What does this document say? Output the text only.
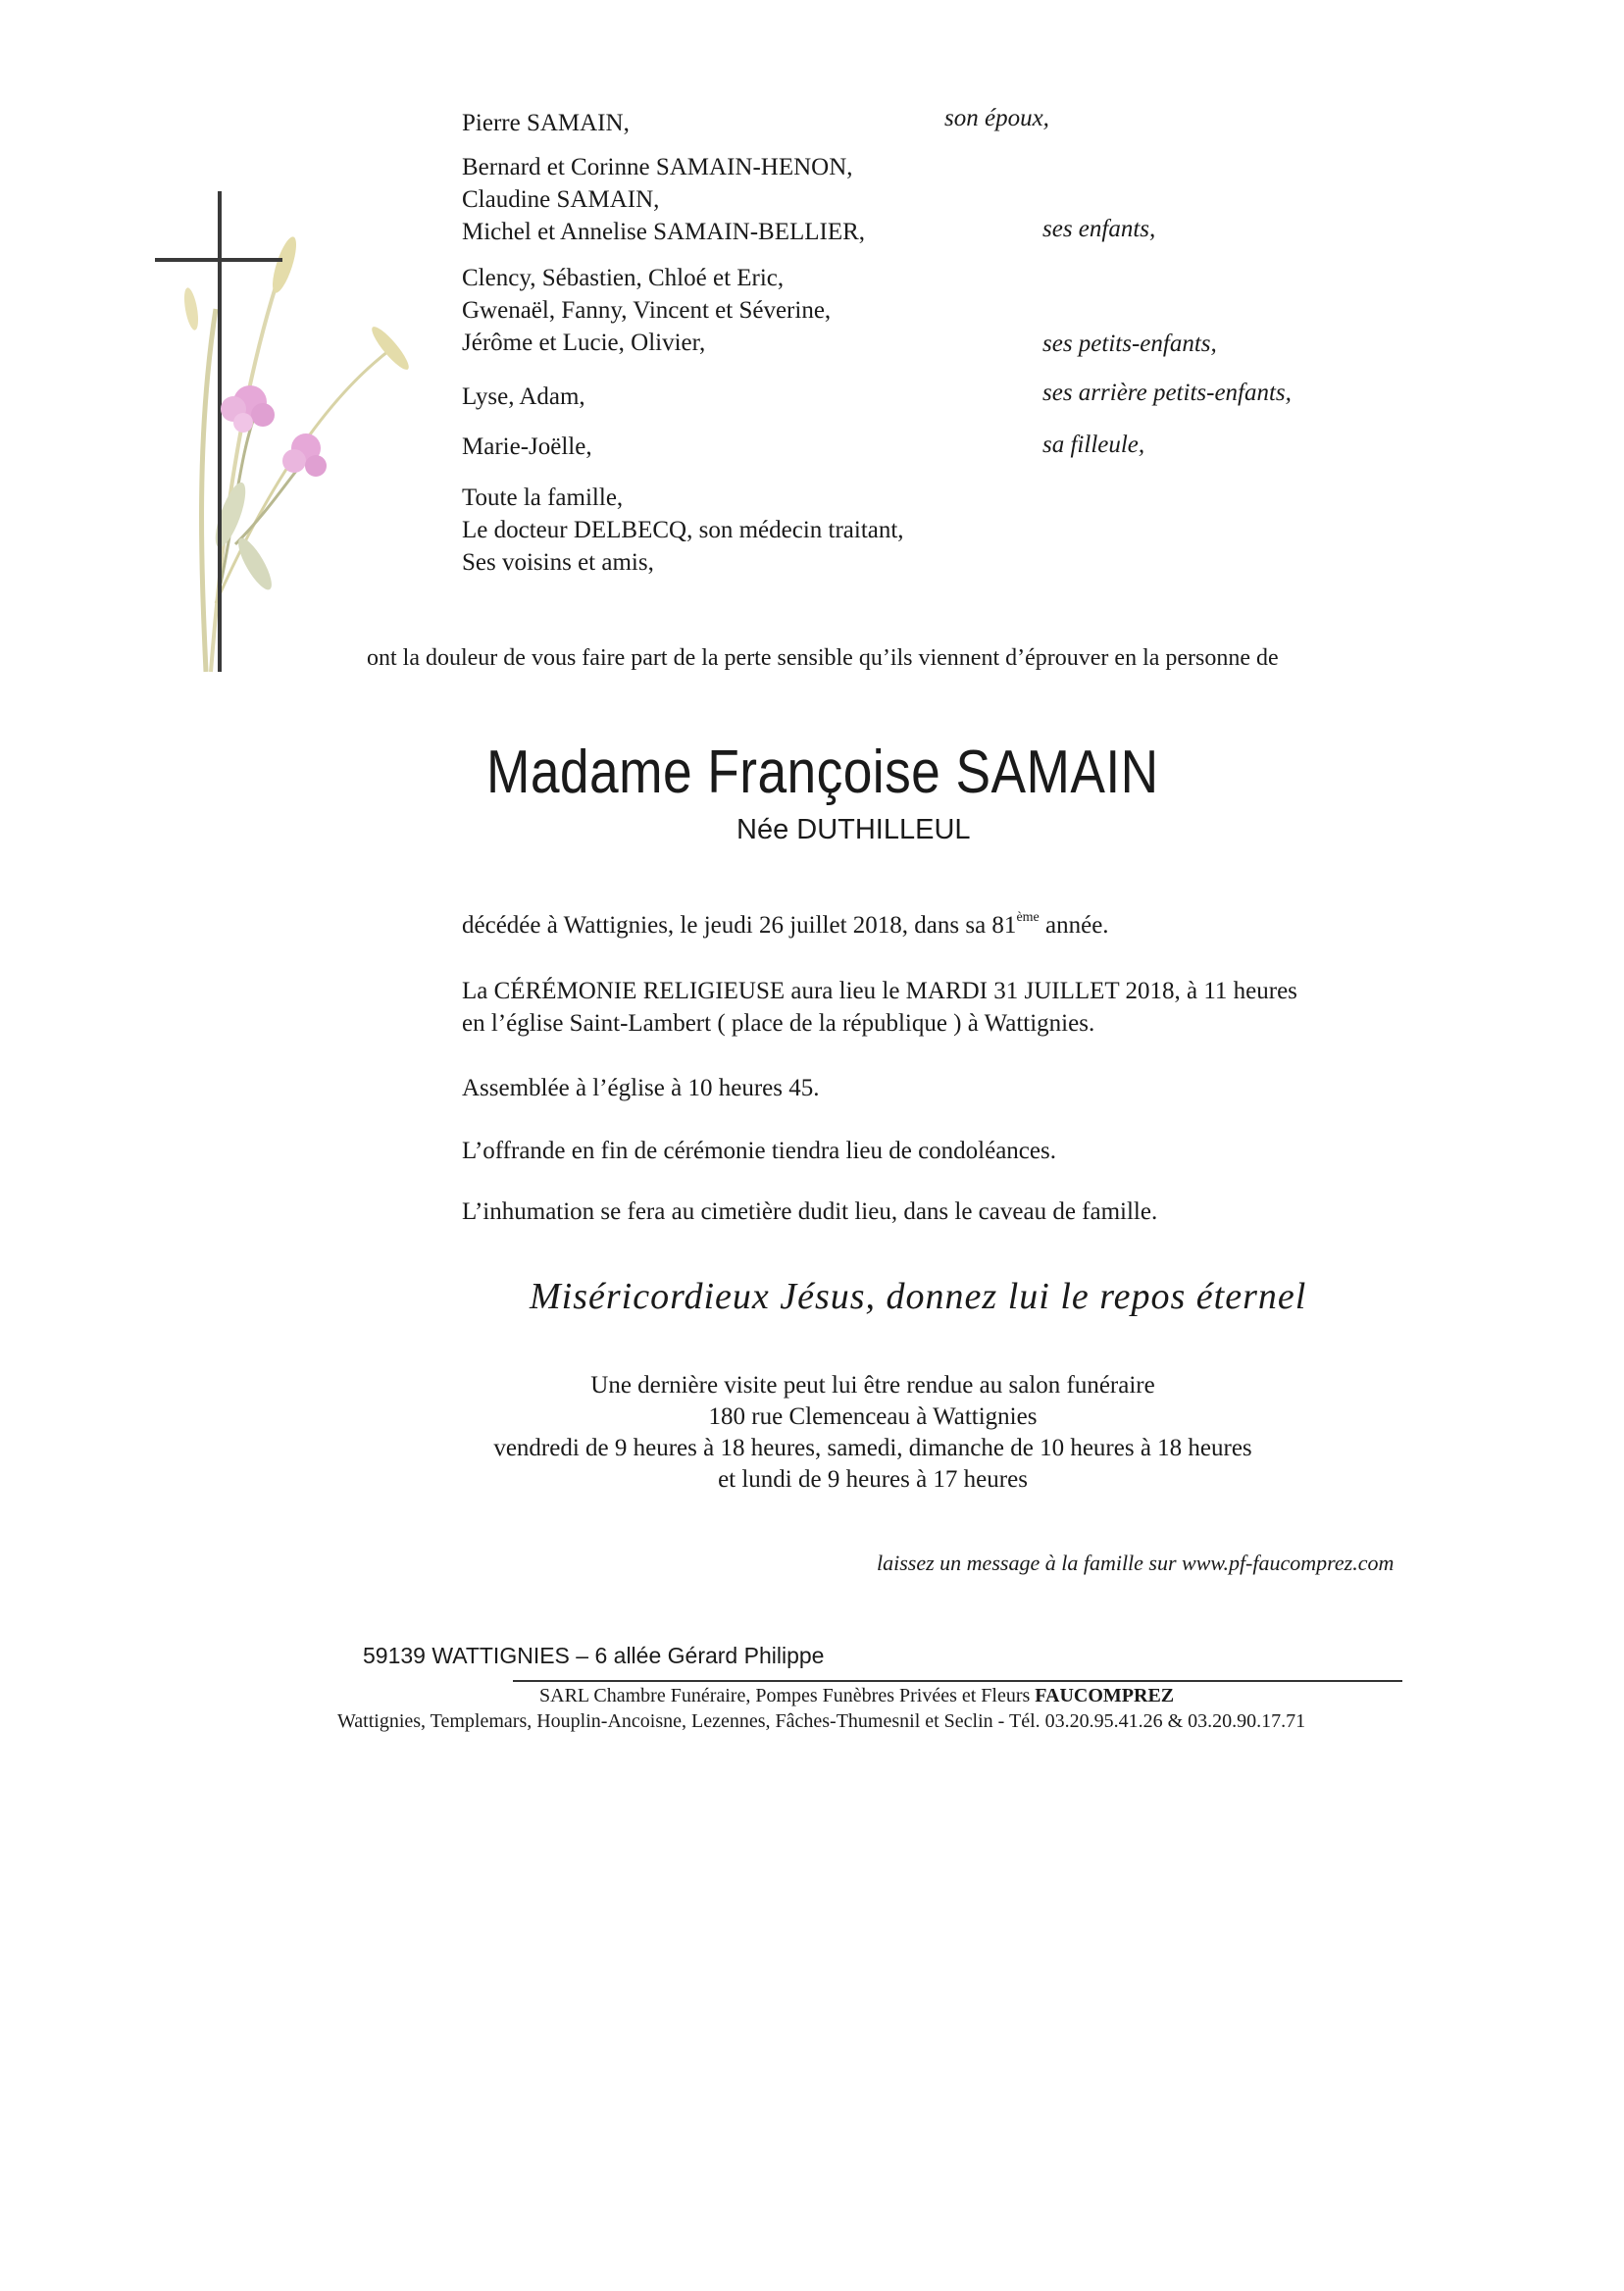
Pierre SAMAIN,	son époux,
Bernard et Corinne SAMAIN-HENON,
Claudine SAMAIN,
Michel et Annelise SAMAIN-BELLIER,	ses enfants,
Clency, Sébastien, Chloé et Eric,
Gwenaël, Fanny, Vincent et Séverine,
Jérôme et Lucie, Olivier,	ses petits-enfants,
Lyse, Adam,	ses arrière petits-enfants,
Marie-Joëlle,	sa filleule,
Toute la famille,
Le docteur DELBECQ, son médecin traitant,
Ses voisins et amis,
ont la douleur de vous faire part de la perte sensible qu’ils viennent d’éprouver en la personne de
Madame Françoise SAMAIN
Née DUTHILLEUL
décédée à Wattignies, le jeudi 26 juillet 2018, dans sa 81ème année.
La CÉRÉMONIE RELIGIEUSE aura lieu le MARDI 31 JUILLET 2018, à 11 heures
en l’église Saint-Lambert ( place de la république ) à Wattignies.
Assemblée à l’église à 10 heures 45.
L’offrande en fin de cérémonie tiendra lieu de condoléances.
L’inhumation se fera au cimetière dudit lieu, dans le caveau de famille.
Miséricordieux Jésus, donnez lui le repos éternel
Une dernière visite peut lui être rendue au salon funéraire
180 rue Clemenceau à Wattignies
vendredi de 9 heures à 18 heures, samedi, dimanche de 10 heures à 18 heures
et lundi de 9 heures à 17 heures
laissez un message à la famille sur www.pf-faucomprez.com
59139 WATTIGNIES – 6 allée Gérard Philippe
SARL Chambre Funéraire, Pompes Funèbres Privées et Fleurs FAUCOMPREZ
Wattignies, Templemars, Houplin-Ancoisne, Lezennes, Fâches-Thumesnil et Seclin - Tél. 03.20.95.41.26 & 03.20.90.17.71
